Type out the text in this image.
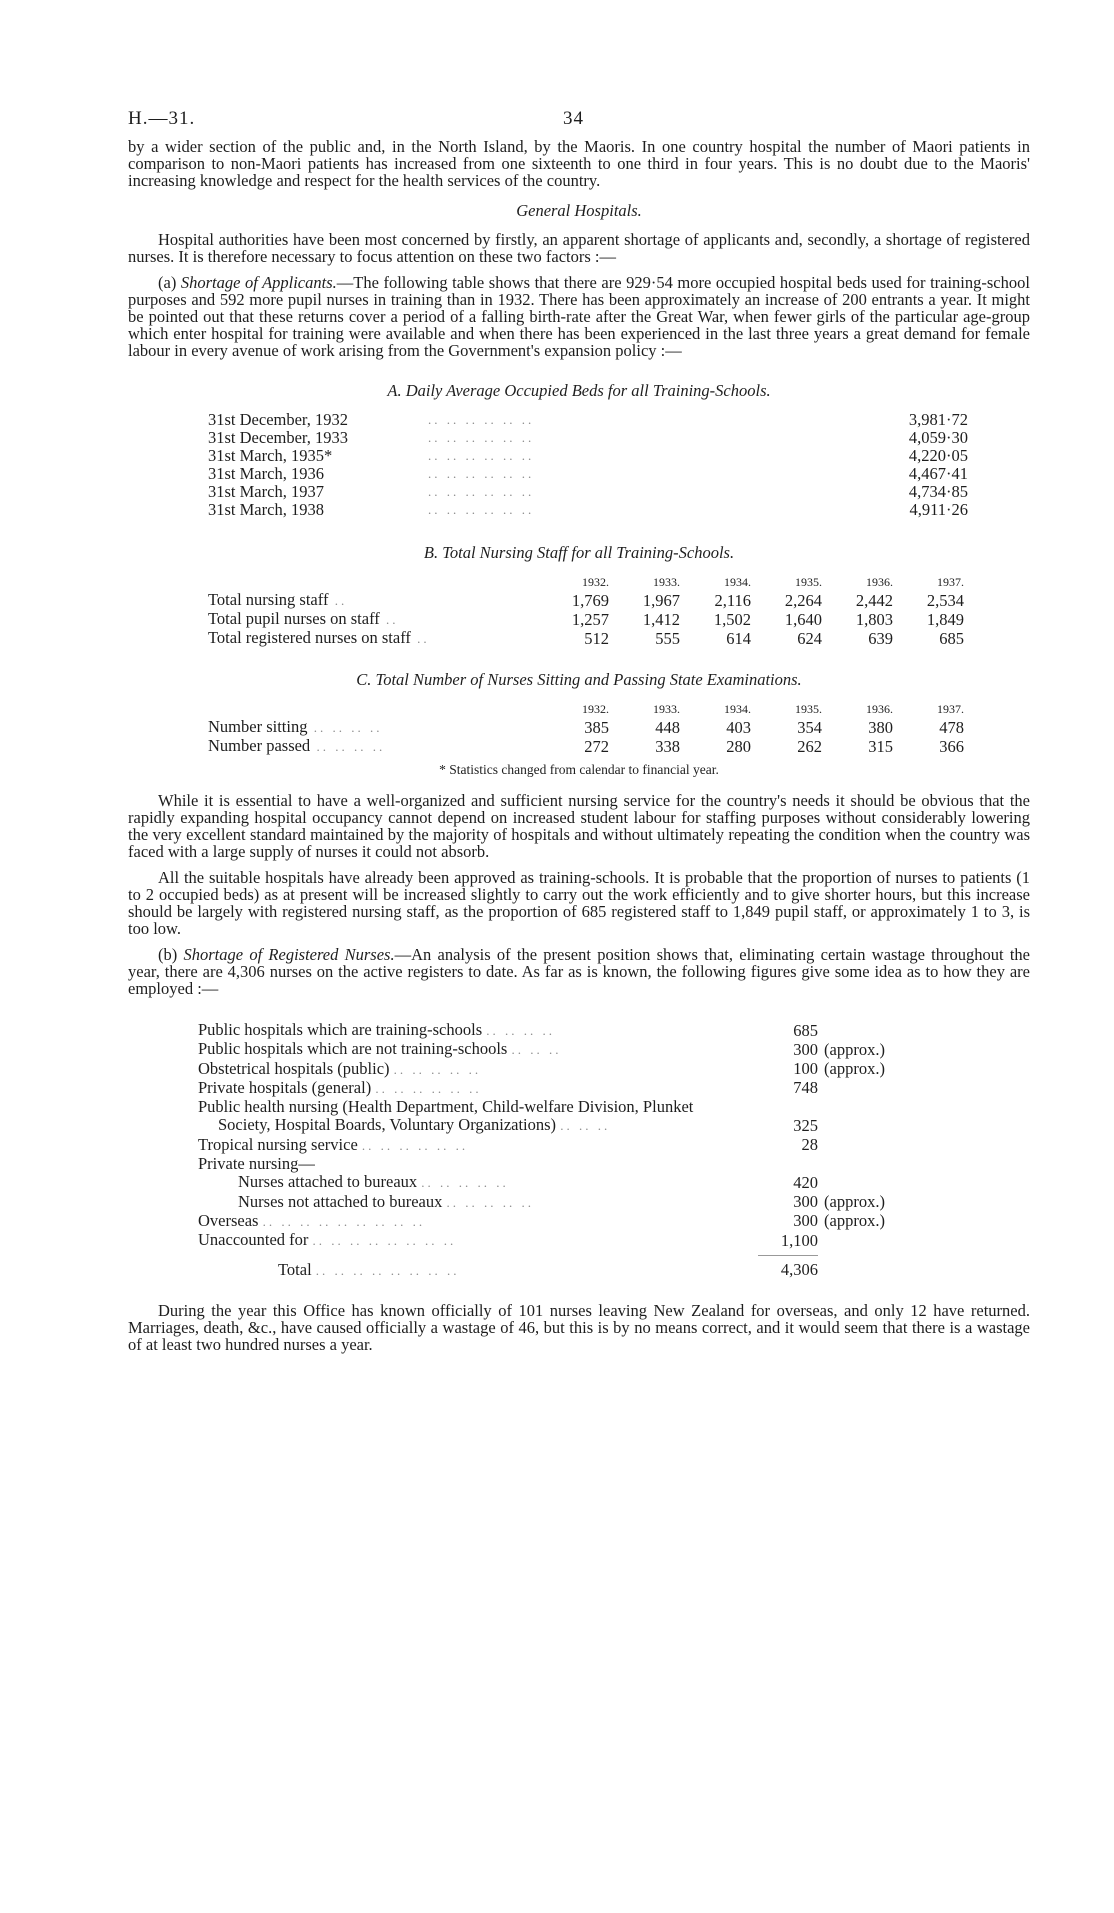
H.—31.	34

by a wider section of the public and, in the North Island, by the Maoris. In one country hospital the number of Maori patients in comparison to non-Maori patients has increased from one sixteenth to one third in four years. This is no doubt due to the Maoris' increasing knowledge and respect for the health services of the country.

General Hospitals.

Hospital authorities have been most concerned by firstly, an apparent shortage of applicants and, secondly, a shortage of registered nurses. It is therefore necessary to focus attention on these two factors :—

(a) Shortage of Applicants.—The following table shows that there are 929·54 more occupied hospital beds used for training-school purposes and 592 more pupil nurses in training than in 1932. There has been approximately an increase of 200 entrants a year. It might be pointed out that these returns cover a period of a falling birth-rate after the Great War, when fewer girls of the particular age-group which enter hospital for training were available and when there has been experienced in the last three years a great demand for female labour in every avenue of work arising from the Government's expansion policy :—

A. Daily Average Occupied Beds for all Training-Schools.
31st December, 1932	.. .. .. .. .. ..	3,981·72
31st December, 1933	.. .. .. .. .. ..	4,059·30
31st March, 1935*	.. .. .. .. .. ..	4,220·05
31st March, 1936	.. .. .. .. .. ..	4,467·41
31st March, 1937	.. .. .. .. .. ..	4,734·85
31st March, 1938	.. .. .. .. .. ..	4,911·26
B. Total Nursing Staff for all Training-Schools.
	1932.	1933.	1934.	1935.	1936.	1937.
Total nursing staff ..	1,769	1,967	2,116	2,264	2,442	2,534
Total pupil nurses on staff ..	1,257	1,412	1,502	1,640	1,803	1,849
Total registered nurses on staff ..	512	555	614	624	639	685
C. Total Number of Nurses Sitting and Passing State Examinations.
	1932.	1933.	1934.	1935.	1936.	1937.
Number sitting .. .. .. ..	385	448	403	354	380	478
Number passed .. .. .. ..	272	338	280	262	315	366
* Statistics changed from calendar to financial year.

While it is essential to have a well-organized and sufficient nursing service for the country's needs it should be obvious that the rapidly expanding hospital occupancy cannot depend on increased student labour for staffing purposes without considerably lowering the very excellent standard maintained by the majority of hospitals and without ultimately repeating the condition when the country was faced with a large supply of nurses it could not absorb.

All the suitable hospitals have already been approved as training-schools. It is probable that the proportion of nurses to patients (1 to 2 occupied beds) as at present will be increased slightly to carry out the work efficiently and to give shorter hours, but this increase should be largely with registered nursing staff, as the proportion of 685 registered staff to 1,849 pupil staff, or approximately 1 to 3, is too low.

(b) Shortage of Registered Nurses.—An analysis of the present position shows that, eliminating certain wastage throughout the year, there are 4,306 nurses on the active registers to date. As far as is known, the following figures give some idea as to how they are employed :—

Public hospitals which are training-schools .. .. .. ..	685	
Public hospitals which are not training-schools .. .. ..	300	(approx.)
Obstetrical hospitals (public) .. .. .. .. ..	100	(approx.)
Private hospitals (general) .. .. .. .. .. ..	748	
Public health nursing (Health Department, Child-welfare Division, Plunket		
Society, Hospital Boards, Voluntary Organizations) .. .. ..	325	
Tropical nursing service .. .. .. .. .. ..	28	
Private nursing—		
Nurses attached to bureaux .. .. .. .. ..	420	
Nurses not attached to bureaux .. .. .. .. ..	300	(approx.)
Overseas .. .. .. .. .. .. .. .. ..	300	(approx.)
Unaccounted for .. .. .. .. .. .. .. ..	1,100	

Total .. .. .. .. .. .. .. ..	4,306	

During the year this Office has known officially of 101 nurses leaving New Zealand for overseas, and only 12 have returned. Marriages, death, &c., have caused officially a wastage of 46, but this is by no means correct, and it would seem that there is a wastage of at least two hundred nurses a year.
